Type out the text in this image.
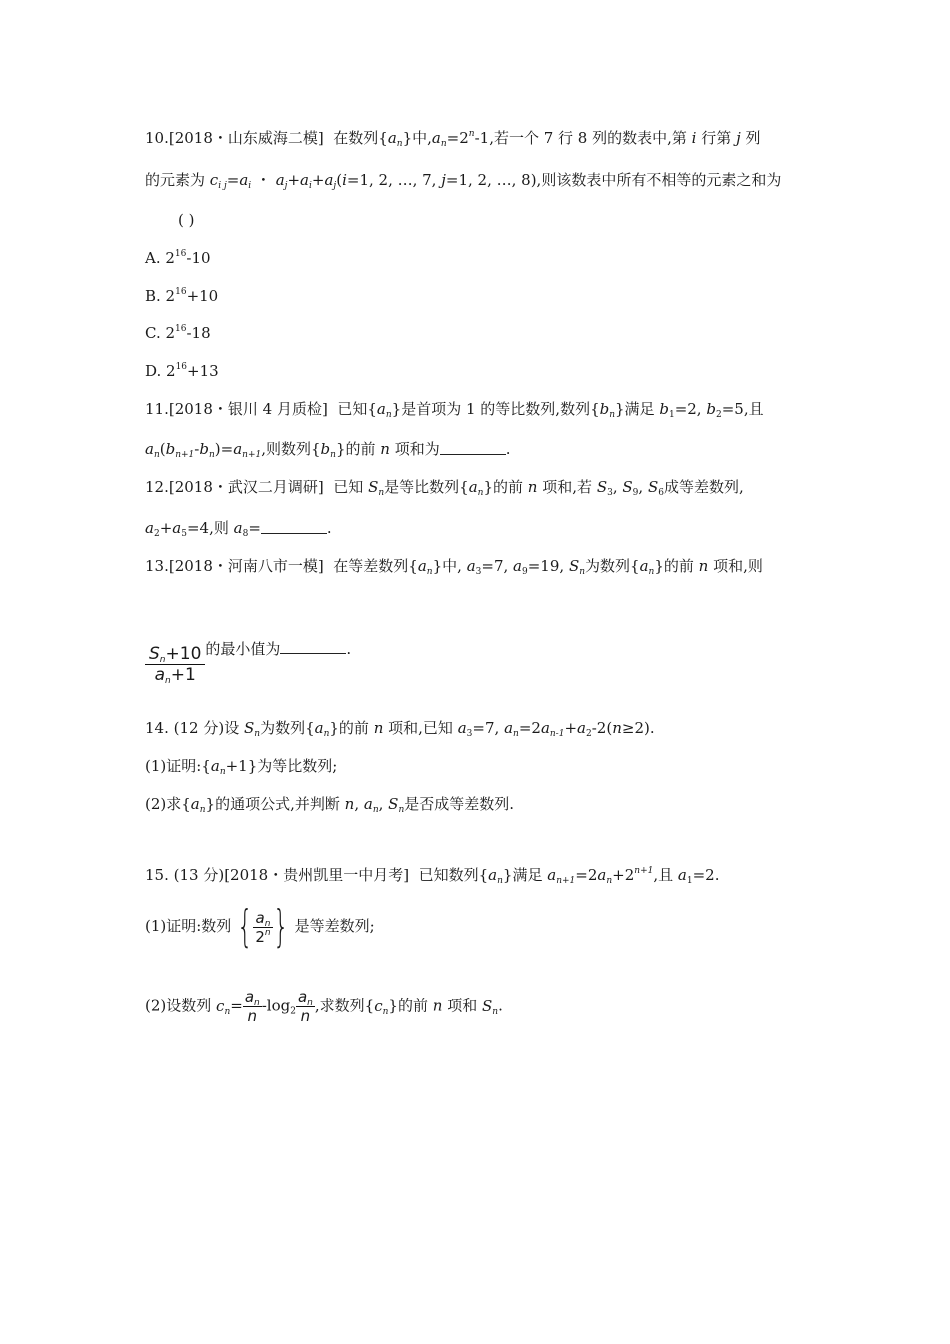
10.[2018・山东威海二模] 在数列$\{a_n\}$中$,a_n=2^n-1$,若一个 7 行 8 列的数表中,第 i 行第 j 列
的元素为 $c_{i j}=a_i$ ・ $a_j+a_i+a_j(i=1$, 2, …, 7, j=1, 2, …, 8),则该数表中所有不相等的元素之和为
( )
A. $2^{16}-10$
B. $2^{16}+10$
C. $2^{16}-18$
D. $2^{16}+13$
11.[2018・银川 4 月质检] 已知$\{a_n\}$是首项为 1 的等比数列,数列$\{b_n\}$满足 $b_1=2$, $b_2=5$,且
$a_n(b_{n+1}-b_n)=a_{n+1}$,则数列$\{b_n\}$的前 n 项和为	.
12.[2018・武汉二月调研] 已知 $S_n$是等比数列$\{a_n\}$的前 n 项和,若 $S_3$, $S_9$, $S_6$成等差数列,
$a_2+a_5=4$,则 $a_8=$	.
13.[2018・河南八市一模] 在等差数列$\{a_n\}$中, $a_3=7$, $a_9=19$, $S_n$为数列$\{a_n\}$的前 n 项和,则
$\frac{S_n+10}{a_n+1}$ 的最小值为	.
14. (12 分)设 $S_n$为数列$\{a_n\}$的前 n 项和,已知 $a_3=7$, $a_n=2a_{n-1}+a_2-2(n\ge 2)$.
(1)证明$:\{a_n+1\}$为等比数列;
(2)求$\{a_n\}$的通项公式,并判断 n, $a_n$, $S_n$是否成等差数列.
15. (13 分)[2018・贵州凯里一中月考] 已知数列$\{a_n\}$满足 $a_{n+1}=2a_n+2^{n+1}$,且 $a_1=2$.
(1)证明:数列 { $\frac{a_n}{2^n}$ } 是等差数列;
(2)设数列 $c_n= \frac{a_n}{n} -\log_2 \frac{a_n}{n}$ ,求数列$\{c_n\}$的前 n 项和 $S_n$.
